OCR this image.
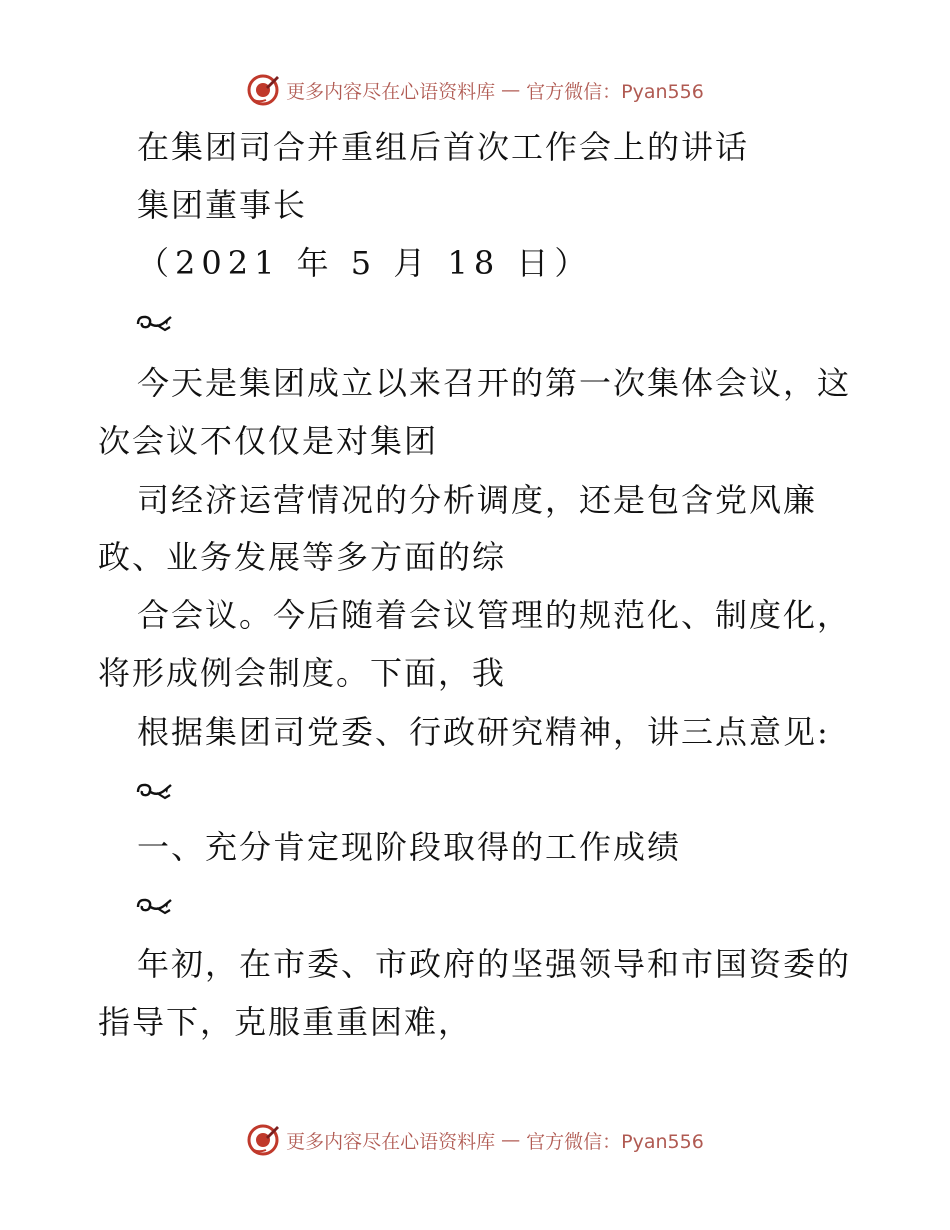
更多内容尽在心语资料库 — 官方微信：Pyan556
在集团司合并重组后首次工作会上的讲话
集团董事长
（2021 年 5 月 18 日）
今天是集团成立以来召开的第一次集体会议，这
次会议不仅仅是对集团
司经济运营情况的分析调度，还是包含党风廉
政、业务发展等多方面的综
合会议。今后随着会议管理的规范化、制度化，
将形成例会制度。下面，我
根据集团司党委、行政研究精神，讲三点意见:
一、充分肯定现阶段取得的工作成绩
年初，在市委、市政府的坚强领导和市国资委的
指导下，克服重重困难，
更多内容尽在心语资料库 — 官方微信：Pyan556
